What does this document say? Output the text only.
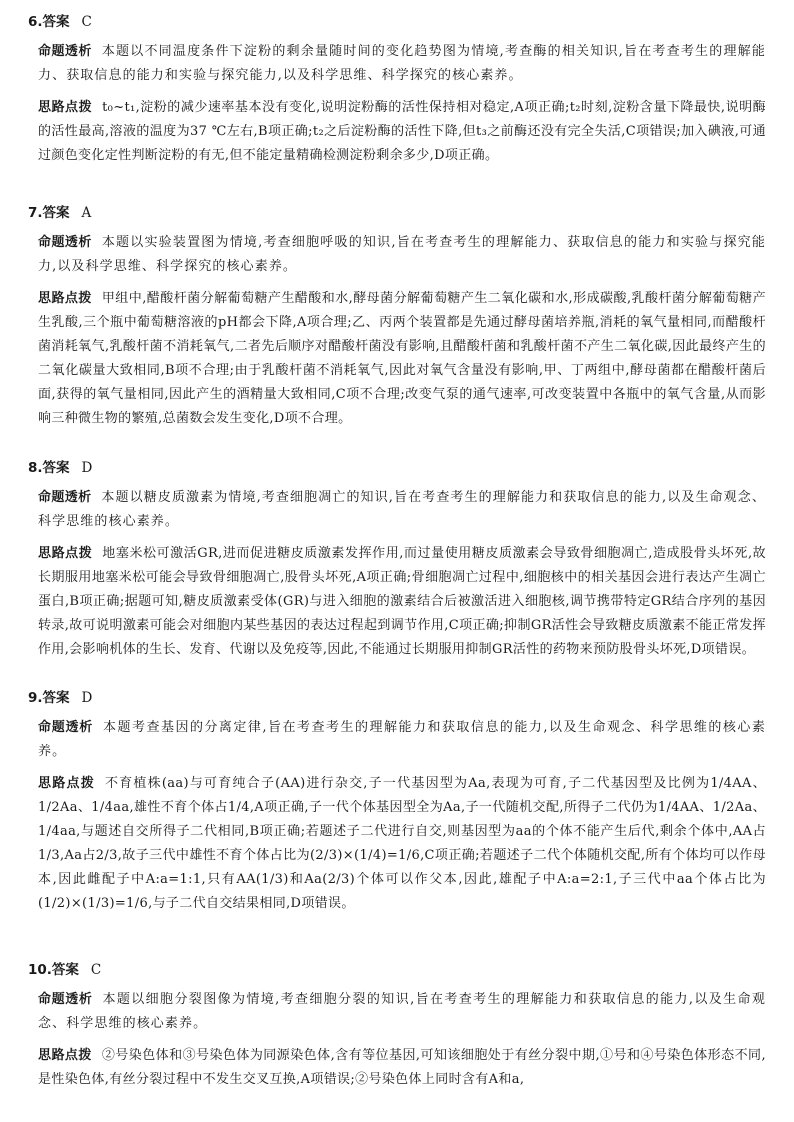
6.答案 C
命题透析 本题以不同温度条件下淀粉的剩余量随时间的变化趋势图为情境,考查酶的相关知识,旨在考查考生的理解能力、获取信息的能力和实验与探究能力,以及科学思维、科学探究的核心素养。
思路点拨 t₀~t₁,淀粉的减少速率基本没有变化,说明淀粉酶的活性保持相对稳定,A项正确;t₂时刻,淀粉含量下降最快,说明酶的活性最高,溶液的温度为37 ℃左右,B项正确;t₂之后淀粉酶的活性下降,但t₃之前酶还没有完全失活,C项错误;加入碘液,可通过颜色变化定性判断淀粉的有无,但不能定量精确检测淀粉剩余多少,D项正确。
7.答案 A
命题透析 本题以实验装置图为情境,考查细胞呼吸的知识,旨在考查考生的理解能力、获取信息的能力和实验与探究能力,以及科学思维、科学探究的核心素养。
思路点拨 甲组中,醋酸杆菌分解葡萄糖产生醋酸和水,酵母菌分解葡萄糖产生二氧化碳和水,形成碳酸,乳酸杆菌分解葡萄糖产生乳酸,三个瓶中葡萄糖溶液的pH都会下降,A项合理;乙、丙两个装置都是先通过酵母菌培养瓶,消耗的氧气量相同,而醋酸杆菌消耗氧气,乳酸杆菌不消耗氧气,二者先后顺序对醋酸杆菌没有影响,且醋酸杆菌和乳酸杆菌不产生二氧化碳,因此最终产生的二氧化碳量大致相同,B项不合理;由于乳酸杆菌不消耗氧气,因此对氧气含量没有影响,甲、丁两组中,酵母菌都在醋酸杆菌后面,获得的氧气量相同,因此产生的酒精量大致相同,C项不合理;改变气泵的通气速率,可改变装置中各瓶中的氧气含量,从而影响三种微生物的繁殖,总菌数会发生变化,D项不合理。
8.答案 D
命题透析 本题以糖皮质激素为情境,考查细胞凋亡的知识,旨在考查考生的理解能力和获取信息的能力,以及生命观念、科学思维的核心素养。
思路点拨 地塞米松可激活GR,进而促进糖皮质激素发挥作用,而过量使用糖皮质激素会导致骨细胞凋亡,造成股骨头坏死,故长期服用地塞米松可能会导致骨细胞凋亡,股骨头坏死,A项正确;骨细胞凋亡过程中,细胞核中的相关基因会进行表达产生凋亡蛋白,B项正确;据题可知,糖皮质激素受体(GR)与进入细胞的激素结合后被激活进入细胞核,调节携带特定GR结合序列的基因转录,故可说明激素可能会对细胞内某些基因的表达过程起到调节作用,C项正确;抑制GR活性会导致糖皮质激素不能正常发挥作用,会影响机体的生长、发育、代谢以及免疫等,因此,不能通过长期服用抑制GR活性的药物来预防股骨头坏死,D项错误。
9.答案 D
命题透析 本题考查基因的分离定律,旨在考查考生的理解能力和获取信息的能力,以及生命观念、科学思维的核心素养。
思路点拨 不育植株(aa)与可育纯合子(AA)进行杂交,子一代基因型为Aa,表现为可育,子二代基因型及比例为1/4AA、1/2Aa、1/4aa,雄性不育个体占1/4,A项正确,子一代个体基因型全为Aa,子一代随机交配,所得子二代仍为1/4AA、1/2Aa、1/4aa,与题述自交所得子二代相同,B项正确;若题述子二代进行自交,则基因型为aa的个体不能产生后代,剩余个体中,AA占1/3,Aa占2/3,故子三代中雄性不育个体占比为(2/3)×(1/4)=1/6,C项正确;若题述子二代个体随机交配,所有个体均可以作母本,因此雌配子中A:a=1:1,只有AA(1/3)和Aa(2/3)个体可以作父本,因此,雄配子中A:a=2:1,子三代中aa个体占比为(1/2)×(1/3)=1/6,与子二代自交结果相同,D项错误。
10.答案 C
命题透析 本题以细胞分裂图像为情境,考查细胞分裂的知识,旨在考查考生的理解能力和获取信息的能力,以及生命观念、科学思维的核心素养。
思路点拨 ②号染色体和③号染色体为同源染色体,含有等位基因,可知该细胞处于有丝分裂中期,①号和④号染色体形态不同,是性染色体,有丝分裂过程中不发生交叉互换,A项错误;②号染色体上同时含有A和a,
